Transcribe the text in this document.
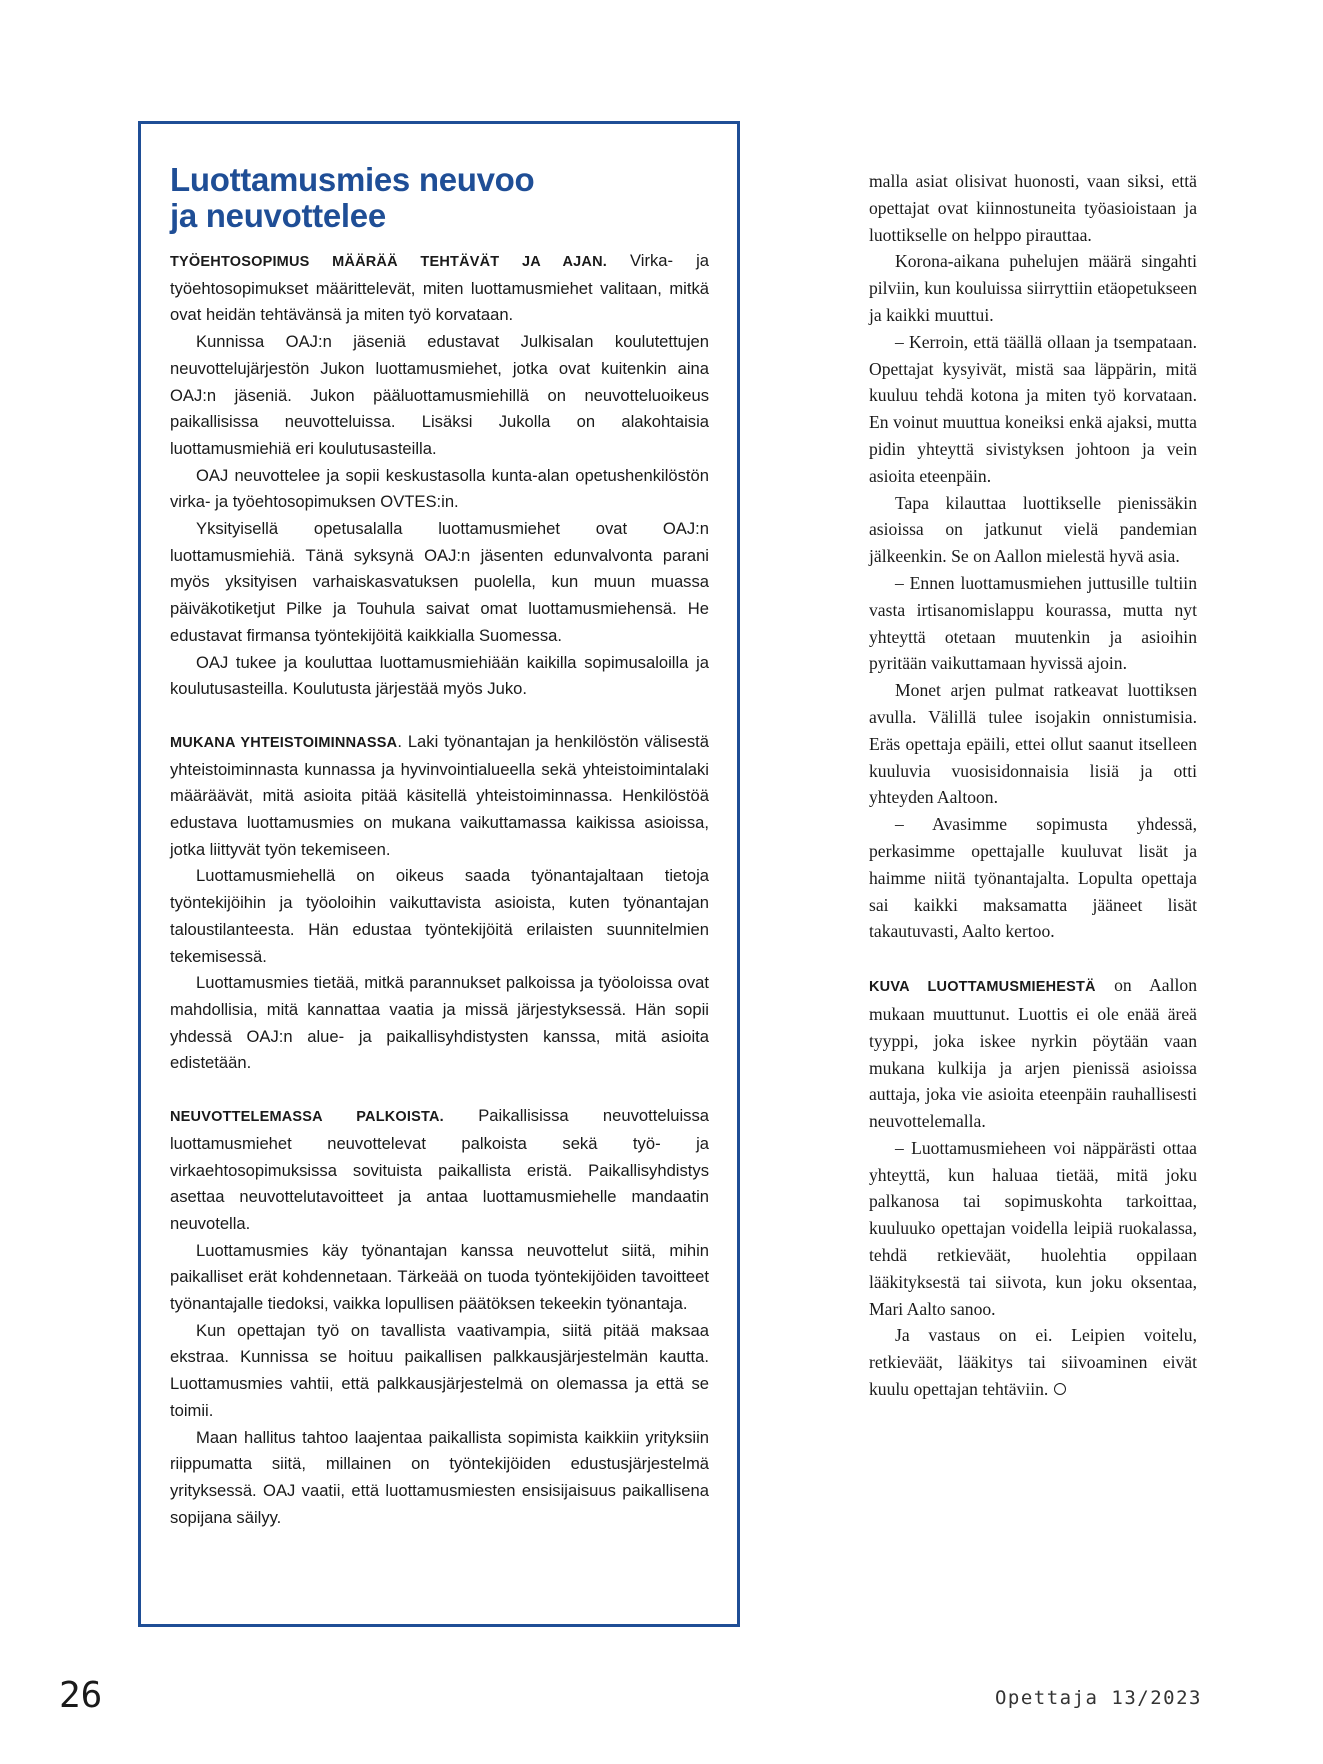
Luottamusmies neuvoo
ja neuvottelee

TYÖEHTOSOPIMUS MÄÄRÄÄ TEHTÄVÄT JA AJAN. Virka- ja työehtosopimukset määrittelevät, miten luottamusmiehet valitaan, mitkä ovat heidän tehtävänsä ja miten työ korvataan.

Kunnissa OAJ:n jäseniä edustavat Julkisalan koulutettujen neuvottelujärjestön Jukon luottamusmiehet, jotka ovat kuitenkin aina OAJ:n jäseniä. Jukon pääluottamusmiehillä on neuvotteluoikeus paikallisissa neuvotteluissa. Lisäksi Jukolla on alakohtaisia luottamusmiehiä eri koulutusasteilla.

OAJ neuvottelee ja sopii keskustasolla kunta-alan opetushenkilöstön virka- ja työehtosopimuksen OVTES:in.

Yksityisellä opetusalalla luottamusmiehet ovat OAJ:n luottamusmiehiä. Tänä syksynä OAJ:n jäsenten edunvalvonta parani myös yksityisen varhaiskasvatuksen puolella, kun muun muassa päiväkotiketjut Pilke ja Touhula saivat omat luottamusmiehensä. He edustavat firmansa työntekijöitä kaikkialla Suomessa.

OAJ tukee ja kouluttaa luottamusmiehiään kaikilla sopimusaloilla ja koulutusasteilla. Koulutusta järjestää myös Juko.

MUKANA YHTEISTOIMINNASSA. Laki työnantajan ja henkilöstön välisestä yhteistoiminnasta kunnassa ja hyvinvointialueella sekä yhteistoimintalaki määräävät, mitä asioita pitää käsitellä yhteistoiminnassa. Henkilöstöä edustava luottamusmies on mukana vaikuttamassa kaikissa asioissa, jotka liittyvät työn tekemiseen.

Luottamusmiehellä on oikeus saada työnantajaltaan tietoja työntekijöihin ja työoloihin vaikuttavista asioista, kuten työnantajan taloustilanteesta. Hän edustaa työntekijöitä erilaisten suunnitelmien tekemisessä.

Luottamusmies tietää, mitkä parannukset palkoissa ja työoloissa ovat mahdollisia, mitä kannattaa vaatia ja missä järjestyksessä. Hän sopii yhdessä OAJ:n alue- ja paikallisyhdistysten kanssa, mitä asioita edistetään.

NEUVOTTELEMASSA PALKOISTA. Paikallisissa neuvotteluissa luottamusmiehet neuvottelevat palkoista sekä työ- ja virkaehtosopimuksissa sovituista paikallista eristä. Paikallisyhdistys asettaa neuvottelutavoitteet ja antaa luottamusmiehelle mandaatin neuvotella.

Luottamusmies käy työnantajan kanssa neuvottelut siitä, mihin paikalliset erät kohdennetaan. Tärkeää on tuoda työntekijöiden tavoitteet työnantajalle tiedoksi, vaikka lopullisen päätöksen tekeekin työnantaja.

Kun opettajan työ on tavallista vaativampia, siitä pitää maksaa ekstraa. Kunnissa se hoituu paikallisen palkkausjärjestelmän kautta. Luottamusmies vahtii, että palkkausjärjestelmä on olemassa ja että se toimii.

Maan hallitus tahtoo laajentaa paikallista sopimista kaikkiin yrityksiin riippumatta siitä, millainen on työntekijöiden edustusjärjestelmä yrityksessä. OAJ vaatii, että luottamusmiesten ensisijaisuus paikallisena sopijana säilyy.

malla asiat olisivat huonosti, vaan siksi, että opettajat ovat kiinnostuneita työasioistaan ja luottikselle on helppo pirauttaa.

Korona-aikana puhelujen määrä singahti pilviin, kun kouluissa siirryttiin etäopetukseen ja kaikki muuttui.

– Kerroin, että täällä ollaan ja tsempataan. Opettajat kysyivät, mistä saa läppärin, mitä kuuluu tehdä kotona ja miten työ korvataan. En voinut muuttua koneiksi enkä ajaksi, mutta pidin yhteyttä sivistyksen johtoon ja vein asioita eteenpäin.

Tapa kilauttaa luottikselle pienissäkin asioissa on jatkunut vielä pandemian jälkeenkin. Se on Aallon mielestä hyvä asia.

– Ennen luottamusmiehen juttusille tultiin vasta irtisanomislappu kourassa, mutta nyt yhteyttä otetaan muutenkin ja asioihin pyritään vaikuttamaan hyvissä ajoin.

Monet arjen pulmat ratkeavat luottiksen avulla. Välillä tulee isojakin onnistumisia. Eräs opettaja epäili, ettei ollut saanut itselleen kuuluvia vuosisidonnaisia lisiä ja otti yhteyden Aaltoon.

– Avasimme sopimusta yhdessä, perkasimme opettajalle kuuluvat lisät ja haimme niitä työnantajalta. Lopulta opettaja sai kaikki maksamatta jääneet lisät takautuvasti, Aalto kertoo.

KUVA LUOTTAMUSMIEHESTÄ on Aallon mukaan muuttunut. Luottis ei ole enää äreä tyyppi, joka iskee nyrkin pöytään vaan mukana kulkija ja arjen pienissä asioissa auttaja, joka vie asioita eteenpäin rauhallisesti neuvottelemalla.

– Luottamusmieheen voi näppärästi ottaa yhteyttä, kun haluaa tietää, mitä joku palkanosa tai sopimuskohta tarkoittaa, kuuluuko opettajan voidella leipiä ruokalassa, tehdä retkieväät, huolehtia oppilaan lääkityksestä tai siivota, kun joku oksentaa, Mari Aalto sanoo.

Ja vastaus on ei. Leipien voitelu, retkieväät, lääkitys tai siivoaminen eivät kuulu opettajan tehtäviin.

26	Opettaja 13/2023
